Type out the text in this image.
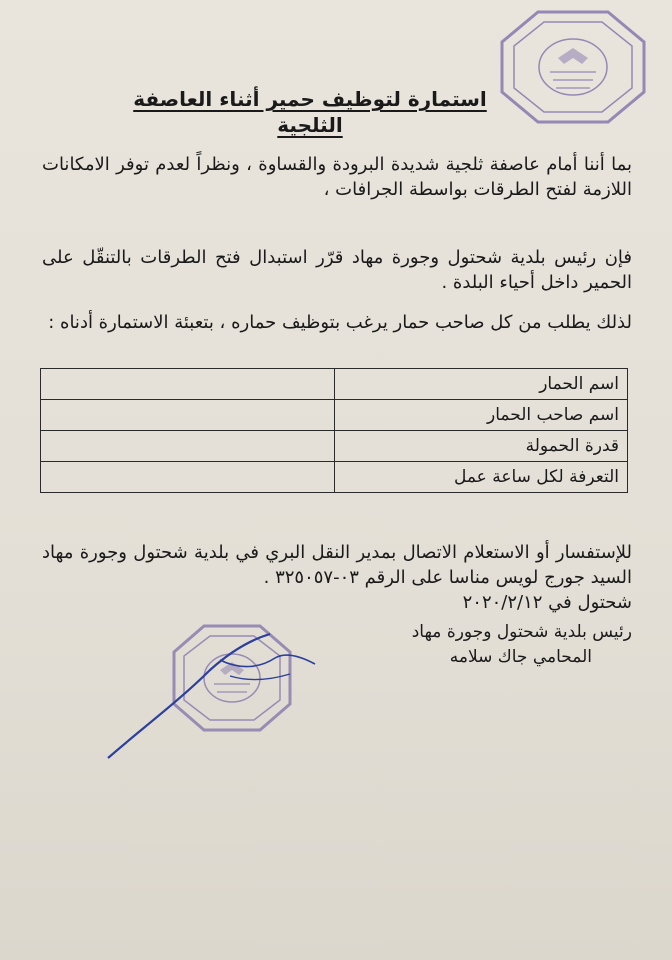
استمارة لتوظيف حمير أثناء العاصفة الثلجية
بما أننا أمام عاصفة ثلجية شديدة البرودة والقساوة ، ونظراً لعدم توفر الامكانات اللازمة لفتح الطرقات بواسطة الجرافات ،
فإن رئيس بلدية شحتول وجورة مهاد قرّر استبدال فتح الطرقات بالتنقّل على الحمير داخل أحياء البلدة .
لذلك يطلب من كل صاحب حمار يرغب بتوظيف حماره ، بتعبئة الاستمارة أدناه :
اسم الحمار	
اسم صاحب الحمار	
قدرة الحمولة	
التعرفة لكل ساعة عمل	
للإستفسار أو الاستعلام الاتصال بمدير النقل البري في بلدية شحتول وجورة مهاد السيد جورج لويس مناسا على الرقم ٠٣-٣٢٥٠٥٧ .
شحتول في ٢٠٢٠/٢/١٢
رئيس بلدية شحتول وجورة مهاد
المحامي جاك سلامه
